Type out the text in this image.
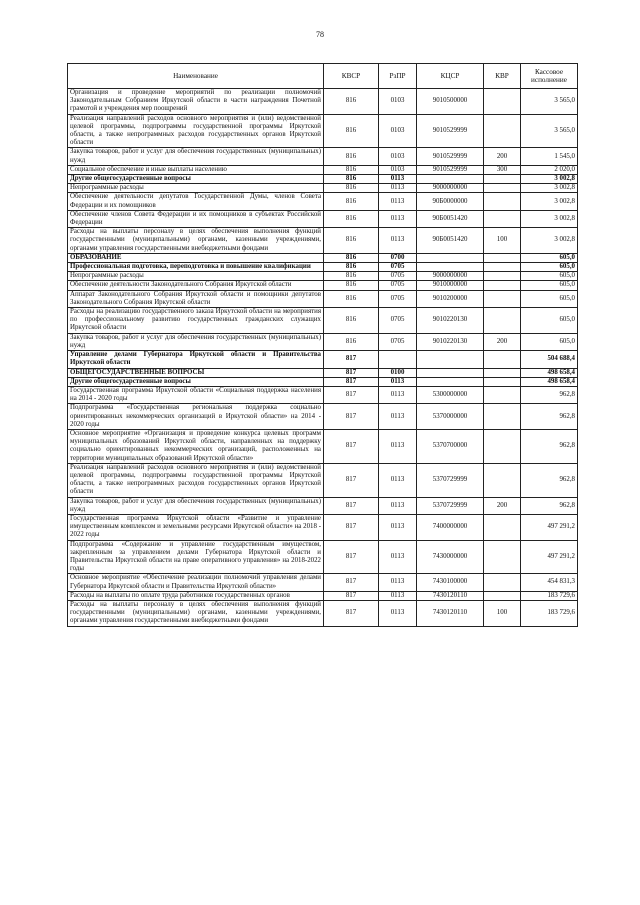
78
Наименование	КВСР	РзПР	КЦСР	КВР	Кассовое исполнение
Организация и проведение мероприятий по реализации полномочий Законодательным Собранием Иркутской области в части награждения Почетной грамотой и учреждения мер поощрений	816	0103	9010500000		3 565,0
Реализация направлений расходов основного мероприятия и (или) ведомственной целевой программы, подпрограммы государственной программы Иркутской области, а также непрограммных расходов государственных органов Иркутской области	816	0103	9010529999		3 565,0
Закупка товаров, работ и услуг для обеспечения государственных (муниципальных) нужд	816	0103	9010529999	200	1 545,0
Социальное обеспечение и иные выплаты населению	816	0103	9010529999	300	2 020,0
Другие общегосударственные вопросы	816	0113			3 002,8
Непрограммные расходы	816	0113	9000000000		3 002,8
Обеспечение деятельности депутатов Государственной Думы, членов Совета Федерации и их помощников	816	0113	90Б0000000		3 002,8
Обеспечение членов Совета Федерации и их помощников в субъектах Российской Федерации	816	0113	90Б0051420		3 002,8
Расходы на выплаты персоналу в целях обеспечения выполнения функций государственными (муниципальными) органами, казенными учреждениями, органами управления государственными внебюджетными фондами	816	0113	90Б0051420	100	3 002,8
ОБРАЗОВАНИЕ	816	0700			605,0
Профессиональная подготовка, переподготовка и повышение квалификации	816	0705			605,0
Непрограммные расходы	816	0705	9000000000		605,0
Обеспечение деятельности Законодательного Собрания Иркутской области	816	0705	9010000000		605,0
Аппарат Законодательного Собрания Иркутской области и помощники депутатов Законодательного Собрания Иркутской области	816	0705	9010200000		605,0
Расходы на реализацию государственного заказа Иркутской области на мероприятия по профессиональному развитию государственных гражданских служащих Иркутской области	816	0705	9010220130		605,0
Закупка товаров, работ и услуг для обеспечения государственных (муниципальных) нужд	816	0705	9010220130	200	605,0
Управление делами Губернатора Иркутской области и Правительства Иркутской области	817				504 688,4
ОБЩЕГОСУДАРСТВЕННЫЕ ВОПРОСЫ	817	0100			498 658,4
Другие общегосударственные вопросы	817	0113			498 658,4
Государственная программа Иркутской области «Социальная поддержка населения на 2014 - 2020 годы	817	0113	5300000000		962,8
Подпрограмма «Государственная региональная поддержка социально ориентированных некоммерческих организаций в Иркутской области» на 2014 - 2020 годы	817	0113	5370000000		962,8
Основное мероприятие «Организация и проведение конкурса целевых программ муниципальных образований Иркутской области, направленных на поддержку социально ориентированных некоммерческих организаций, расположенных на территории муниципальных образований Иркутской области»	817	0113	5370700000		962,8
Реализация направлений расходов основного мероприятия и (или) ведомственной целевой программы, подпрограммы государственной программы Иркутской области, а также непрограммных расходов государственных органов Иркутской области	817	0113	5370729999		962,8
Закупка товаров, работ и услуг для обеспечения государственных (муниципальных) нужд	817	0113	5370729999	200	962,8
Государственная программа Иркутской области «Развитие и управление имущественным комплексом и земельными ресурсами Иркутской области» на 2018 - 2022 годы	817	0113	7400000000		497 291,2
Подпрограмма «Содержание и управление государственным имуществом, закрепленным за управлением делами Губернатора Иркутской области и Правительства Иркутской области на праве оперативного управления» на 2018-2022 годы	817	0113	7430000000		497 291,2
Основное мероприятие «Обеспечение реализации полномочий управления делами Губернатора Иркутской области и Правительства Иркутской области»	817	0113	7430100000		454 831,3
Расходы на выплаты по оплате труда работников государственных органов	817	0113	7430120110		183 729,6
Расходы на выплаты персоналу в целях обеспечения выполнения функций государственными (муниципальными) органами, казенными учреждениями, органами управления государственными внебюджетными фондами	817	0113	7430120110	100	183 729,6
